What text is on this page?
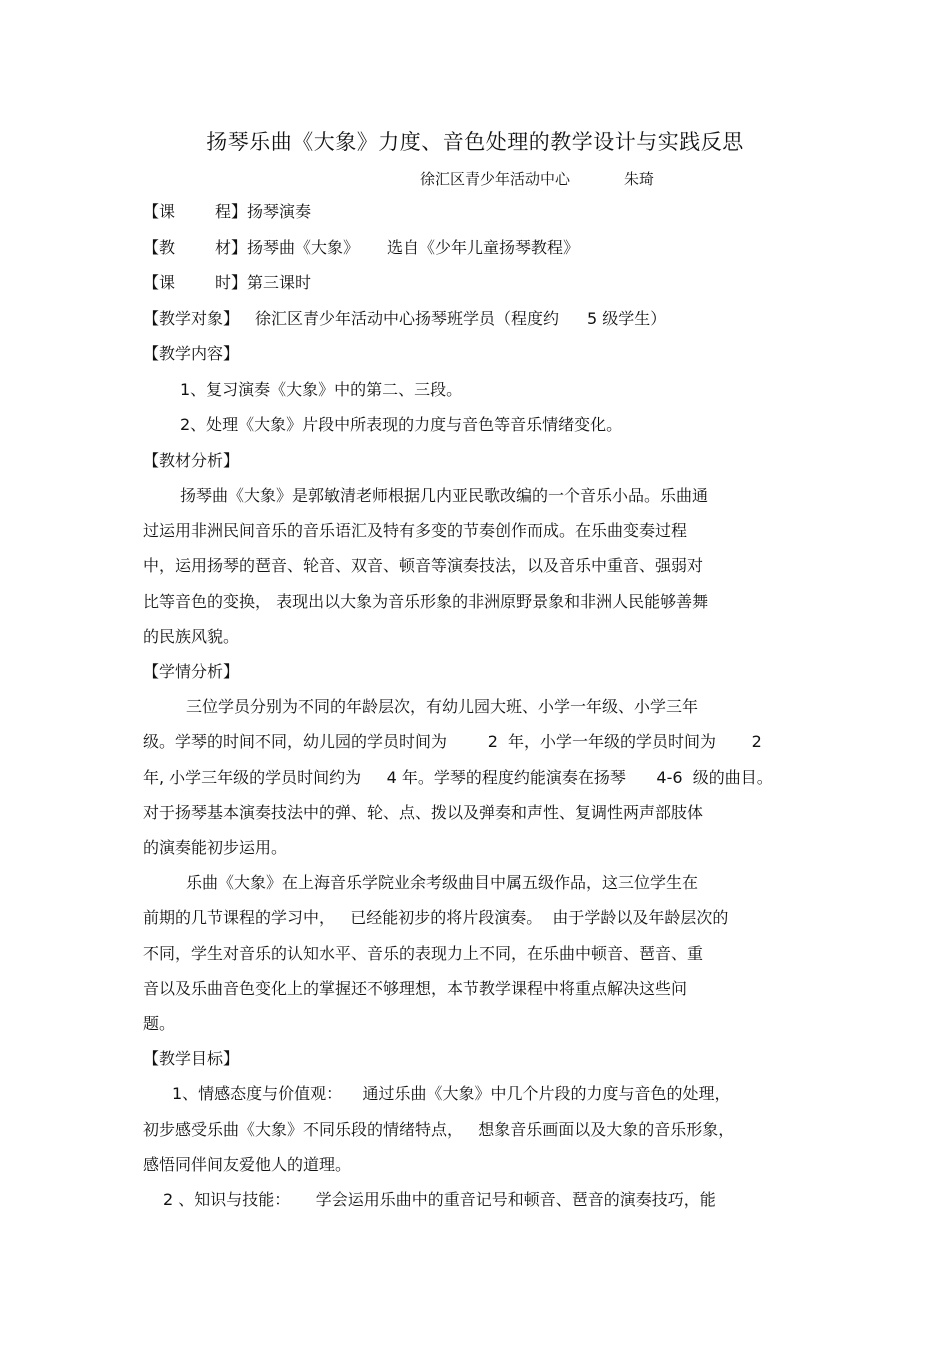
扬琴乐曲《大象》力度、音色处理的教学设计与实践反思
徐汇区青少年活动中心	朱琦
【课	程】扬琴演奏
【教	材】扬琴曲《大象》 选自《少年儿童扬琴教程》
【课	时】第三课时
【教学对象】 徐汇区青少年活动中心扬琴班学员（程度约 5 级学生）
【教学内容】
1、复习演奏《大象》中的第二、三段。
2、处理《大象》片段中所表现的力度与音色等音乐情绪变化。
【教材分析】
扬琴曲《大象》是郭敏清老师根据几内亚民歌改编的一个音乐小品。乐曲通
过运用非洲民间音乐的音乐语汇及特有多变的节奏创作而成。在乐曲变奏过程
中，运用扬琴的琶音、轮音、双音、顿音等演奏技法，以及音乐中重音、强弱对
比等音色的变换， 表现出以大象为音乐形象的非洲原野景象和非洲人民能够善舞
的民族风貌。
【学情分析】
三位学员分别为不同的年龄层次，有幼儿园大班、小学一年级、小学三年
级。学琴的时间不同，幼儿园的学员时间为        2  年，小学一年级的学员时间为       2
年, 小学三年级的学员时间约为     4 年。学琴的程度约能演奏在扬琴      4-6  级的曲目。
对于扬琴基本演奏技法中的弹、轮、点、拨以及弹奏和声性、复调性两声部肢体
的演奏能初步运用。
乐曲《大象》在上海音乐学院业余考级曲目中属五级作品，这三位学生在
前期的几节课程的学习中，   已经能初步的将片段演奏。  由于学龄以及年龄层次的
不同，学生对音乐的认知水平、音乐的表现力上不同，在乐曲中顿音、琶音、重
音以及乐曲音色变化上的掌握还不够理想，本节教学课程中将重点解决这些问
题。
【教学目标】
1、情感态度与价值观：    通过乐曲《大象》中几个片段的力度与音色的处理，
初步感受乐曲《大象》不同乐段的情绪特点，   想象音乐画面以及大象的音乐形象，
感悟同伴间友爱他人的道理。
2 、知识与技能：     学会运用乐曲中的重音记号和顿音、琶音的演奏技巧，能
